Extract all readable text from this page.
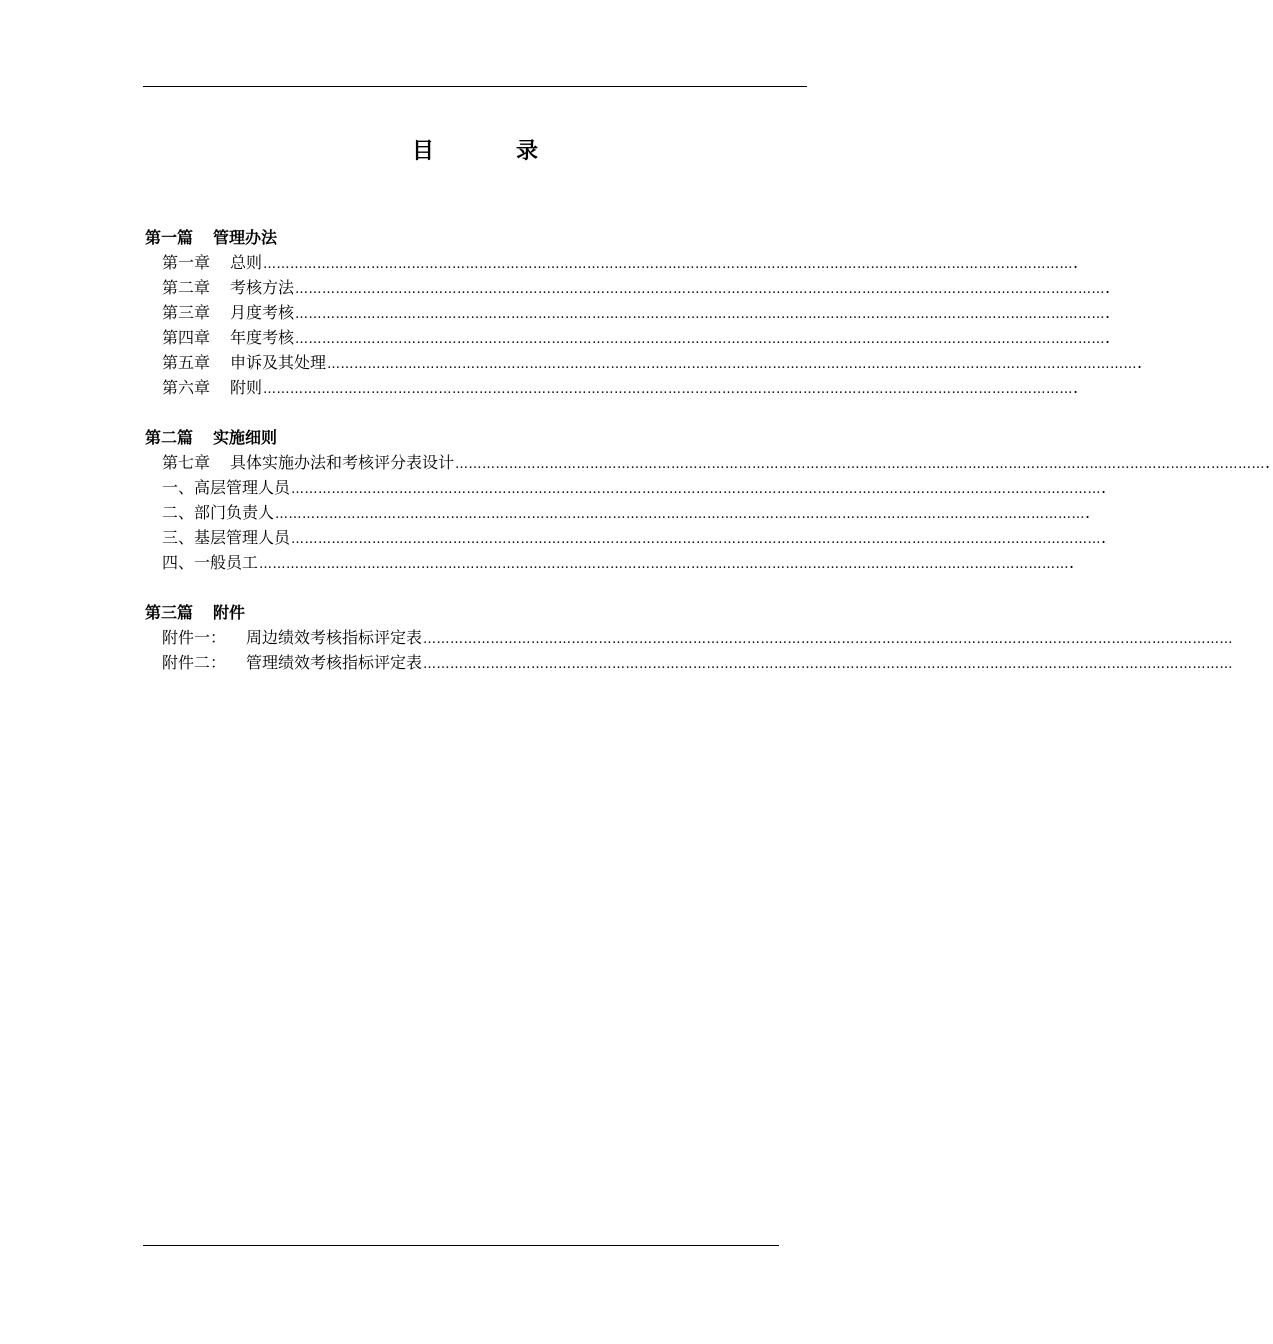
目　录
第一篇 管理办法
第一章 总则 ……………………………………………………………………………………………………………………………………………………………… .
第二章 考核方法 ……………………………………………………………………………………………………………………………………………………………… .
第三章 月度考核 ……………………………………………………………………………………………………………………………………………………………… .
第四章 年度考核 ……………………………………………………………………………………………………………………………………………………………… .
第五章 申诉及其处理 ……………………………………………………………………………………………………………………………………………………………… .
第六章 附则 ……………………………………………………………………………………………………………………………………………………………… .
第二篇 实施细则
第七章 具体实施办法和考核评分表设计 ……………………………………………………………………………………………………………………………………………………………… .
一、高层管理人员 ……………………………………………………………………………………………………………………………………………………………… .
二、部门负责人 ……………………………………………………………………………………………………………………………………………………………… .
三、基层管理人员 ……………………………………………………………………………………………………………………………………………………………… .
四、一般员工 ……………………………………………………………………………………………………………………………………………………………… .
第三篇 附件
附件一： 周边绩效考核指标评定表 ………………………………………………………………………………………………………………………………………………………………
附件二： 管理绩效考核指标评定表 ………………………………………………………………………………………………………………………………………………………………
